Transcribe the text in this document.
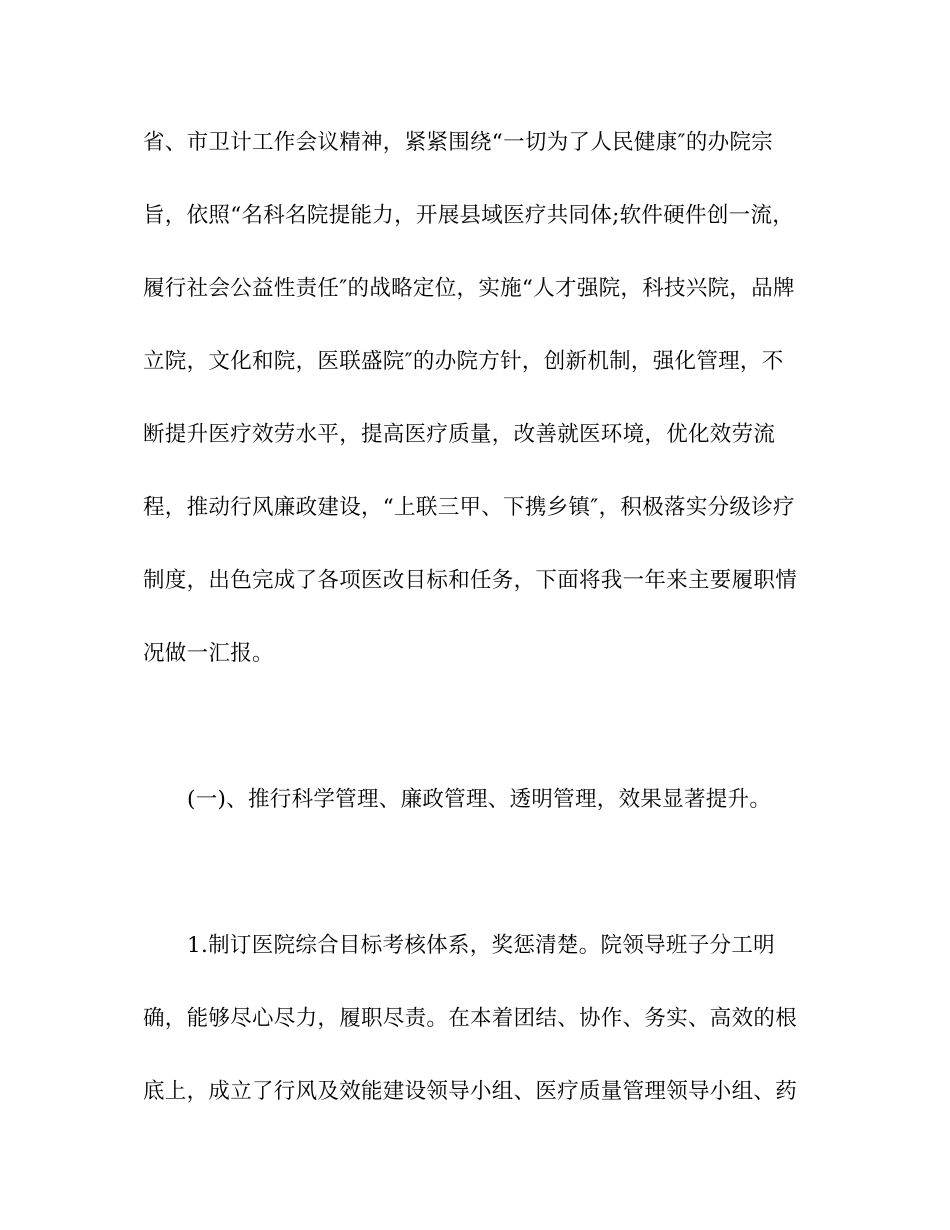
省、市卫计工作会议精神，紧紧围绕“一切为了人民健康″的办院宗
旨，依照“名科名院提能力，开展县域医疗共同体;软件硬件创一流，
履行社会公益性责任″的战略定位，实施“人才强院，科技兴院，品牌
立院，文化和院，医联盛院″的办院方针，创新机制，强化管理，不
断提升医疗效劳水平，提高医疗质量，改善就医环境，优化效劳流
程，推动行风廉政建设，“上联三甲、下携乡镇″，积极落实分级诊疗
制度，出色完成了各项医改目标和任务，下面将我一年来主要履职情
况做一汇报。
(一)、推行科学管理、廉政管理、透明管理，效果显著提升。
1.制订医院综合目标考核体系，奖惩清楚。院领导班子分工明
确，能够尽心尽力，履职尽责。在本着团结、协作、务实、高效的根
底上，成立了行风及效能建设领导小组、医疗质量管理领导小组、药
